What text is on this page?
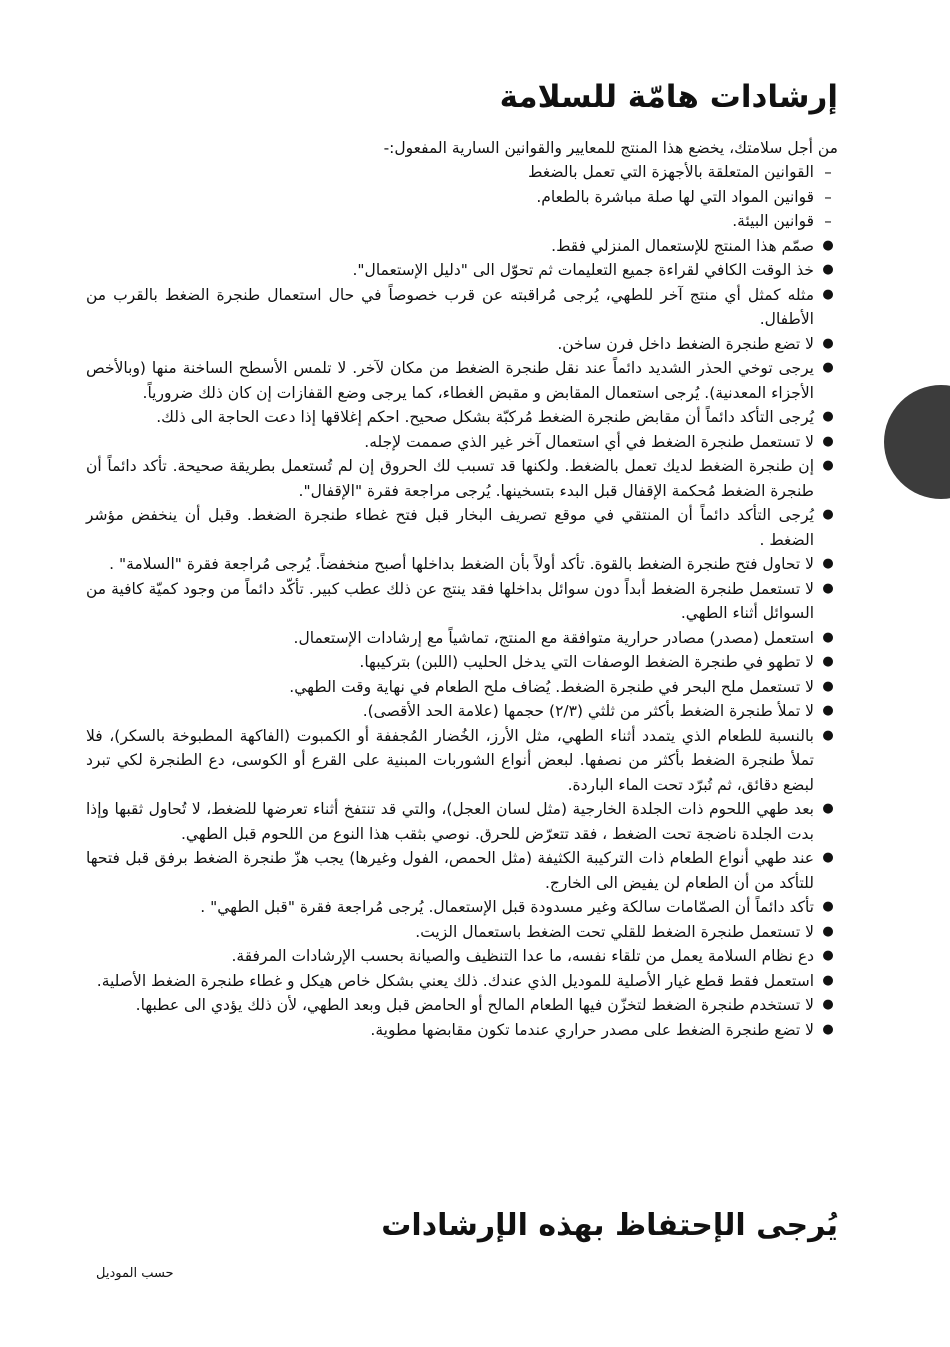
إرشادات هامّة للسلامة

من أجل سلامتك، يخضع هذا المنتج للمعايير والقوانين السارية المفعول:-

–
القوانين المتعلقة بالأجهزة التي تعمل بالضغط
–
قوانين المواد التي لها صلة مباشرة بالطعام.
–
قوانين البيئة.
●
صمّم هذا المنتج للإستعمال المنزلي فقط.
●
خذ الوقت الكافي لقراءة جميع التعليمات ثم تحوّل الى "دليل الإستعمال".
●
مثله كمثل أي منتج آخر للطهي، يُرجى مُراقبته عن قرب خصوصاً في حال استعمال طنجرة الضغط بالقرب من الأطفال.
●
لا تضع طنجرة الضغط داخل فرن ساخن.
●
يرجى توخي الحذر الشديد دائماً عند نقل طنجرة الضغط من مكان لآخر. لا تلمس الأسطح الساخنة منها (وبالأخص الأجزاء المعدنية). يُرجى استعمال المقابض و مقبض الغطاء، كما يرجى وضع القفازات إن كان ذلك ضرورياً.
●
يُرجى التأكد دائماً أن مقابض طنجرة الضغط مُركبّة بشكل صحيح. احكم إغلاقها إذا دعت الحاجة الى ذلك.
●
لا تستعمل طنجرة الضغط في أي استعمال آخر غير الذي صممت لإجله.
●
إن طنجرة الضغط لديك تعمل بالضغط. ولكنها قد تسبب لك الحروق إن لم تُستعمل بطريقة صحيحة. تأكد دائماً أن طنجرة الضغط مُحكمة الإقفال قبل البدء بتسخينها. يُرجى مراجعة فقرة "الإقفال".
●
يُرجى التأكد دائماً أن المنتقي في موقع تصريف البخار قبل فتح غطاء طنجرة الضغط. وقبل أن ينخفض مؤشر الضغط .
●
لا تحاول فتح طنجرة الضغط بالقوة. تأكد أولاً بأن الضغط بداخلها أصبح منخفضاً. يُرجى مُراجعة فقرة "السلامة" .
●
لا تستعمل طنجرة الضغط أبداً دون سوائل بداخلها فقد ينتج عن ذلك عطب كبير. تأكّد دائماً من وجود كميّة كافية من السوائل أثناء الطهي.
●
استعمل (مصدر) مصادر حرارية متوافقة مع المنتج، تماشياً مع إرشادات الإستعمال.
●
لا تطهو في طنجرة الضغط الوصفات التي يدخل الحليب (اللبن) بتركيبها.
●
لا تستعمل ملح البحر في طنجرة الضغط. يُضاف ملح الطعام في نهاية وقت الطهي.
●
لا تملأ طنجرة الضغط بأكثر من ثلثي (٢/٣) حجمها (علامة الحد الأقصى).
●
بالنسبة للطعام الذي يتمدد أثناء الطهي، مثل الأرز، الخُضار المُجففة أو الكمبوت (الفاكهة المطبوخة بالسكر)، فلا تملأ طنجرة الضغط بأكثر من نصفها. لبعض أنواع الشوربات المبنية على القرع أو الكوسى، دع الطنجرة لكي تبرد لبضع دقائق، ثم تُبرّد تحت الماء الباردة.
●
بعد طهي اللحوم ذات الجلدة الخارجية (مثل لسان العجل)، والتي قد تنتفخ أثناء تعرضها للضغط، لا تُحاول ثقبها وإذا بدت الجلدة ناضجة تحت الضغط ، فقد تتعرّض للحرق. نوصي بثقب هذا النوع من اللحوم قبل الطهي.
●
عند طهي أنواع الطعام ذات التركيبة الكثيفة (مثل الحمص، الفول وغيرها) يجب هزّ طنجرة الضغط برفق قبل فتحها للتأكد من أن الطعام لن يفيض الى الخارج.
●
تأكد دائماً أن الصمّامات سالكة وغير مسدودة قبل الإستعمال. يُرجى مُراجعة فقرة "قبل الطهي" .
●
لا تستعمل طنجرة الضغط للقلي تحت الضغط باستعمال الزيت.
●
دع نظام السلامة يعمل من تلقاء نفسه، ما عدا التنظيف والصيانة بحسب الإرشادات المرفقة.
●
استعمل فقط قطع غيار الأصلية للموديل الذي عندك. ذلك يعني بشكل خاص هيكل و غطاء طنجرة الضغط الأصلية.
●
لا تستخدم طنجرة الضغط لتخزّن فيها الطعام المالح أو الحامض قبل وبعد الطهي، لأن ذلك يؤدي الى عطبها.
●
لا تضع طنجرة الضغط على مصدر حراري عندما تكون مقابضها مطوية.
يُرجى الإحتفاظ بهذه الإرشادات

حسب الموديل
